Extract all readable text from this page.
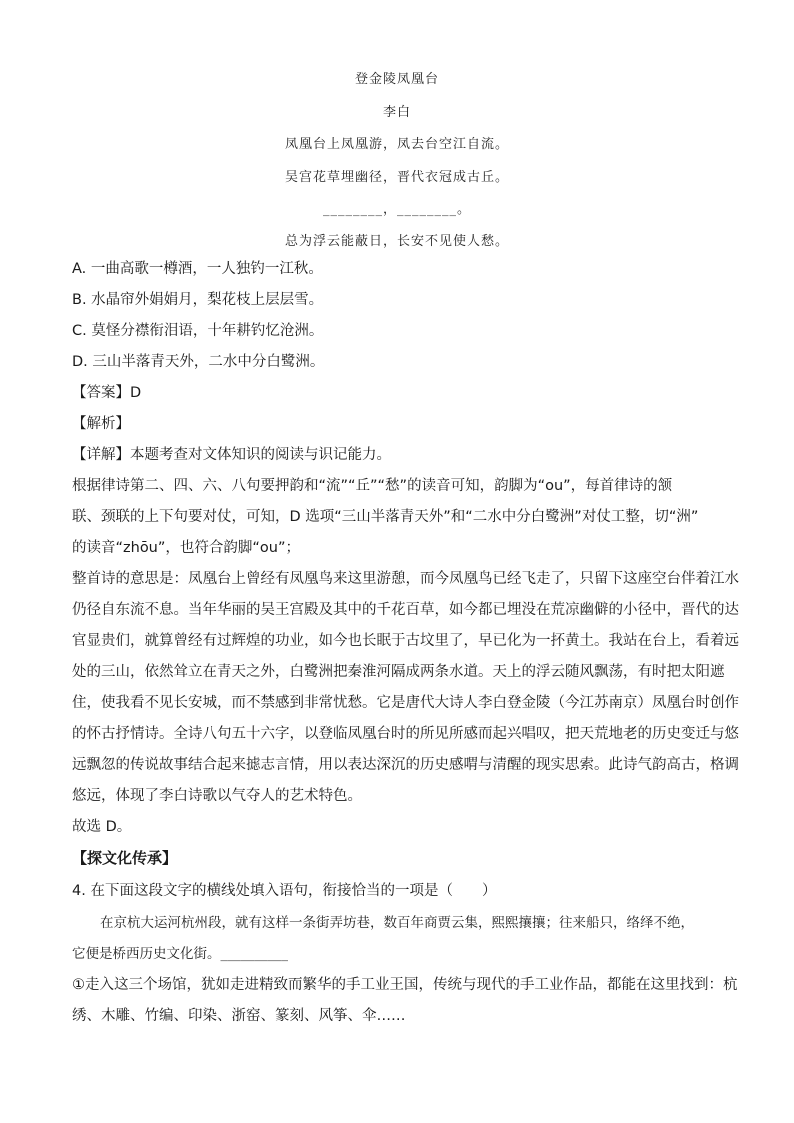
登金陵凤凰台
李白
凤凰台上凤凰游，凤去台空江自流。
吴宫花草埋幽径，晋代衣冠成古丘。
________，________。
总为浮云能蔽日，长安不见使人愁。
A. 一曲高歌一樽酒，一人独钓一江秋。
B. 水晶帘外娟娟月，梨花枝上层层雪。
C. 莫怪分襟衔泪语，十年耕钓忆沧洲。
D. 三山半落青天外，二水中分白鹭洲。
【答案】D
【解析】
【详解】本题考查对文体知识的阅读与识记能力。
根据律诗第二、四、六、八句要押韵和“流”“丘”“愁”的读音可知，韵脚为“ou”，每首律诗的颔
联、颈联的上下句要对仗，可知，D 选项“三山半落青天外”和“二水中分白鹭洲”对仗工整，切“洲”
的读音“zhōu”，也符合韵脚“ou”；
整首诗的意思是：凤凰台上曾经有凤凰鸟来这里游憩，而今凤凰鸟已经飞走了，只留下这座空台伴着江水
仍径自东流不息。当年华丽的吴王宫殿及其中的千花百草，如今都已埋没在荒凉幽僻的小径中，晋代的达
官显贵们，就算曾经有过辉煌的功业，如今也长眠于古坟里了，早已化为一抔黄土。我站在台上，看着远
处的三山，依然耸立在青天之外，白鹭洲把秦淮河隔成两条水道。天上的浮云随风飘荡，有时把太阳遮
住，使我看不见长安城，而不禁感到非常忧愁。它是唐代大诗人李白登金陵（今江苏南京）凤凰台时创作
的怀古抒情诗。全诗八句五十六字，以登临凤凰台时的所见所感而起兴唱叹，把天荒地老的历史变迁与悠
远飘忽的传说故事结合起来摅志言情，用以表达深沉的历史感喟与清醒的现实思索。此诗气韵高古，格调
悠远，体现了李白诗歌以气夺人的艺术特色。
故选 D。
【探文化传承】
4. 在下面这段文字的横线处填入语句，衔接恰当的一项是（　　）
在京杭大运河杭州段，就有这样一条街弄坊巷，数百年商贾云集，熙熙攘攘；往来船只，络绎不绝，
它便是桥西历史文化街。__________
①走入这三个场馆，犹如走进精致而繁华的手工业王国，传统与现代的手工业作品，都能在这里找到：杭
绣、木雕、竹编、印染、浙窑、篆刻、风筝、伞……
